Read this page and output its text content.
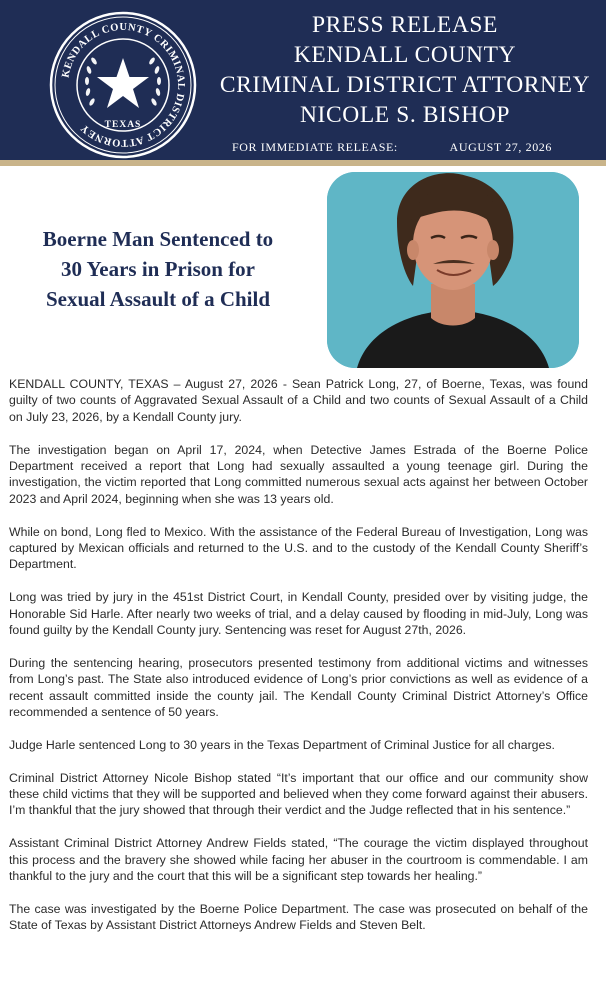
KENDALL COUNTY CRIMINAL DISTRICT ATTORNEY	TEXAS
PRESS RELEASE
KENDALL COUNTY
CRIMINAL DISTRICT ATTORNEY
NICOLE S. BISHOP
FOR IMMEDIATE RELEASE:	AUGUST 27, 2026
Boerne Man Sentenced to
30 Years in Prison for
Sexual Assault of a Child

KENDALL COUNTY, TEXAS – August 27, 2026 - Sean Patrick Long, 27, of Boerne, Texas, was found guilty of two counts of Aggravated Sexual Assault of a Child and two counts of Sexual Assault of a Child on July 23, 2026, by a Kendall County jury.

The investigation began on April 17, 2024, when Detective James Estrada of the Boerne Police Department received a report that Long had sexually assaulted a young teenage girl. During the investigation, the victim reported that Long committed numerous sexual acts against her between October 2023 and April 2024, beginning when she was 13 years old.

While on bond, Long fled to Mexico. With the assistance of the Federal Bureau of Investigation, Long was captured by Mexican officials and returned to the U.S. and to the custody of the Kendall County Sheriff’s Department.

Long was tried by jury in the 451st District Court, in Kendall County, presided over by visiting judge, the Honorable Sid Harle. After nearly two weeks of trial, and a delay caused by flooding in mid-July, Long was found guilty by the Kendall County jury. Sentencing was reset for August 27th, 2026.

During the sentencing hearing, prosecutors presented testimony from additional victims and witnesses from Long’s past. The State also introduced evidence of Long’s prior convictions as well as evidence of a recent assault committed inside the county jail. The Kendall County Criminal District Attorney’s Office recommended a sentence of 50 years.

Judge Harle sentenced Long to 30 years in the Texas Department of Criminal Justice for all charges.

Criminal District Attorney Nicole Bishop stated “It’s important that our office and our community show these child victims that they will be supported and believed when they come forward against their abusers. I’m thankful that the jury showed that through their verdict and the Judge reflected that in his sentence.”

Assistant Criminal District Attorney Andrew Fields stated, “The courage the victim displayed throughout this process and the bravery she showed while facing her abuser in the courtroom is commendable. I am thankful to the jury and the court that this will be a significant step towards her healing.”

The case was investigated by the Boerne Police Department. The case was prosecuted on behalf of the State of Texas by Assistant District Attorneys Andrew Fields and Steven Belt.
